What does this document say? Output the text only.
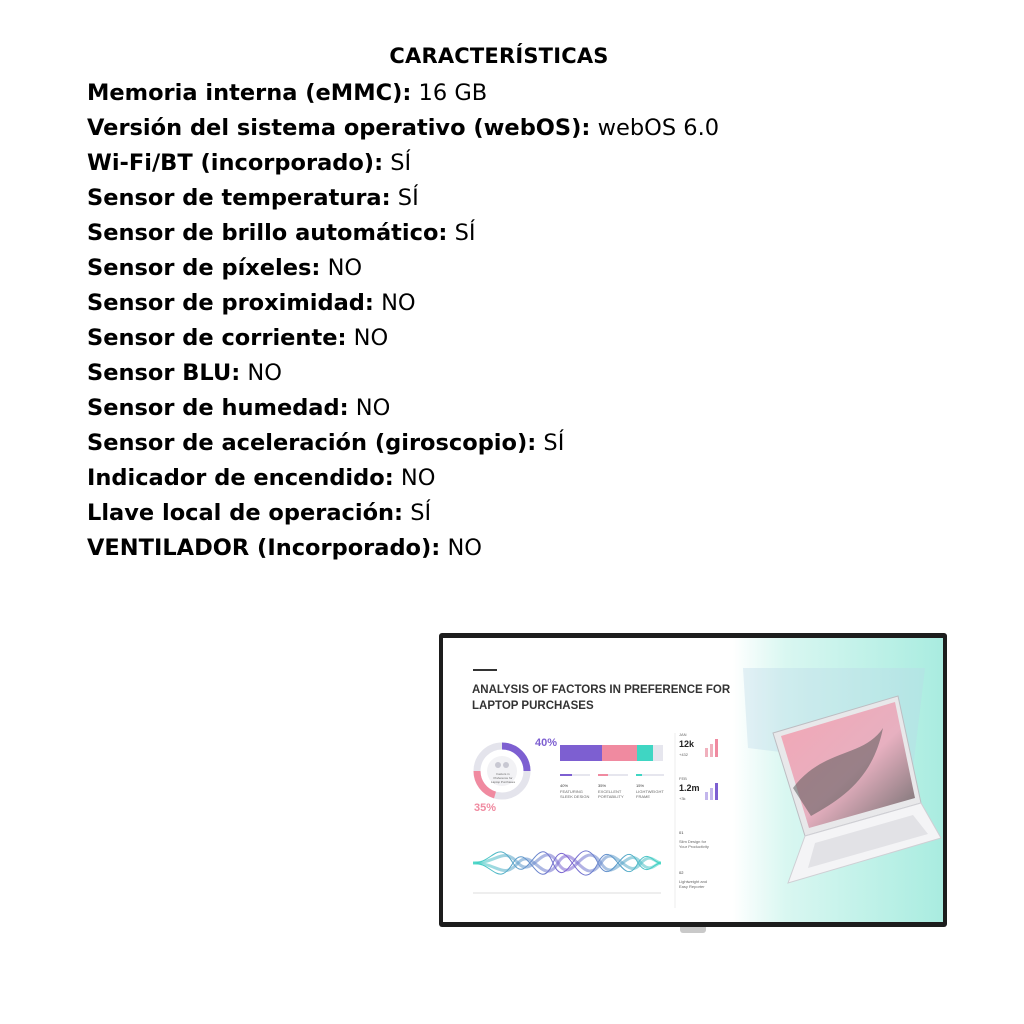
CARACTERÍSTICAS
Memoria interna (eMMC): 16 GB
Versión del sistema operativo (webOS): webOS 6.0
Wi-Fi/BT (incorporado): SÍ
Sensor de temperatura: SÍ
Sensor de brillo automático: SÍ
Sensor de píxeles: NO
Sensor de proximidad: NO
Sensor de corriente: NO
Sensor BLU: NO
Sensor de humedad: NO
Sensor de aceleración (giroscopio): SÍ
Indicador de encendido: NO
Llave local de operación: SÍ
VENTILADOR (Incorporado): NO
ANALYSIS OF FACTORS IN PREFERENCE FOR LAPTOP PURCHASES
40%
35%
Factors in Preference for Laptop Purchases
40%
FEATURING SLEEK DESIGN
35%
EXCELLENT PORTABILITY
15%
LIGHTWEIGHT FRAME
JAN
12k
+432
FEB
1.2m
+3k
01
Slim Design for Your Productivity
02
Lightweight and Easy Reporter
